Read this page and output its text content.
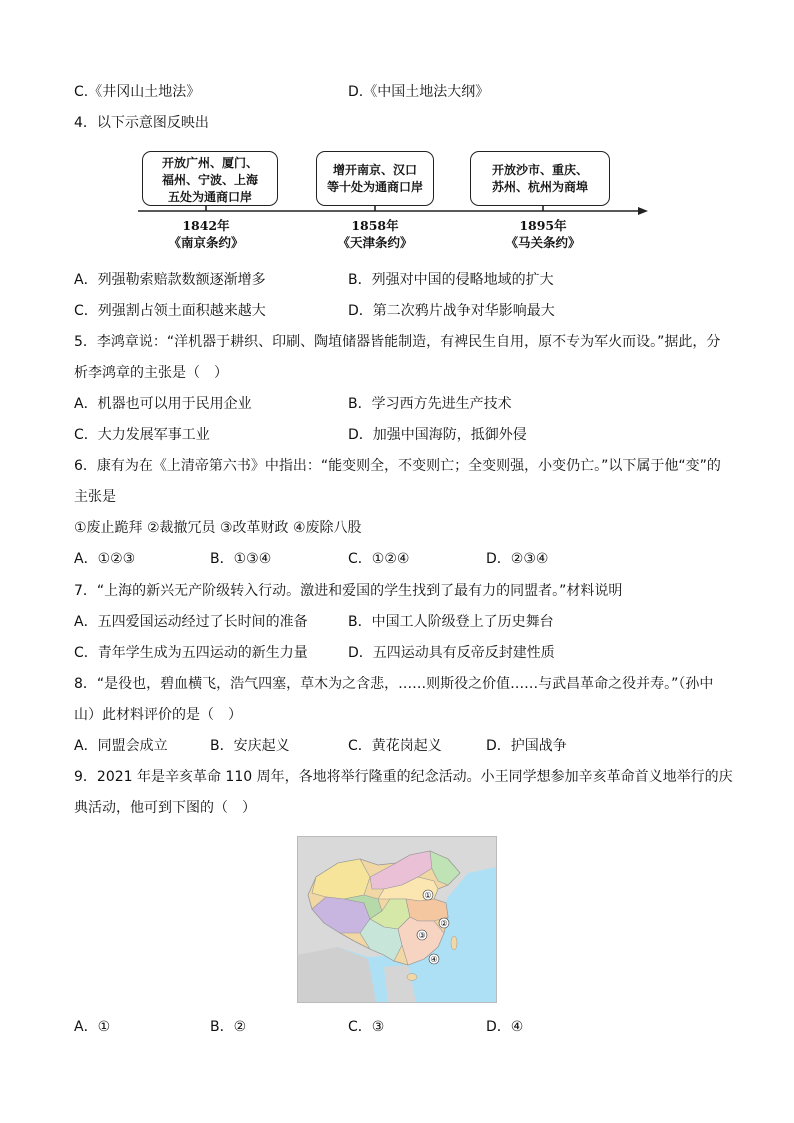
C.《井冈山土地法》	D.《中国土地法大纲》
4．以下示意图反映出
开放广州、厦门、
福州、宁波、上海
五处为通商口岸
增开南京、汉口
等十处为通商口岸
开放沙市、重庆、
苏州、杭州为商埠
1842年
《南京条约》
1858年
《天津条约》
1895年
《马关条约》
A．列强勒索赔款数额逐渐增多	B．列强对中国的侵略地域的扩大
C．列强割占领土面积越来越大	D．第二次鸦片战争对华影响最大
5．李鸿章说：“洋机器于耕织、印刷、陶埴储器皆能制造，有裨民生自用，原不专为军火而设。”据此，分
析李鸿章的主张是（　）
A．机器也可以用于民用企业	B．学习西方先进生产技术
C．大力发展军事工业	D．加强中国海防，抵御外侵
6．康有为在《上清帝第六书》中指出：“能变则全，不变则亡；全变则强，小变仍亡。”以下属于他“变”的
主张是
①废止跪拜 ②裁撤冗员 ③改革财政 ④废除八股
A．①②③	B．①③④	C．①②④	D．②③④
7．“上海的新兴无产阶级转入行动。激进和爱国的学生找到了最有力的同盟者。”材料说明
A．五四爱国运动经过了长时间的准备	B．中国工人阶级登上了历史舞台
C．青年学生成为五四运动的新生力量	D．五四运动具有反帝反封建性质
8．“是役也，碧血横飞，浩气四塞，草木为之含悲，……则斯役之价值……与武昌革命之役并寿。”（孙中
山）此材料评价的是（　）
A．同盟会成立	B．安庆起义	C．黄花岗起义	D．护国战争
9．2021 年是辛亥革命 110 周年，各地将举行隆重的纪念活动。小王同学想参加辛亥革命首义地举行的庆
典活动，他可到下图的（　）
①
②
③
④
A．①	B．②	C．③	D．④
